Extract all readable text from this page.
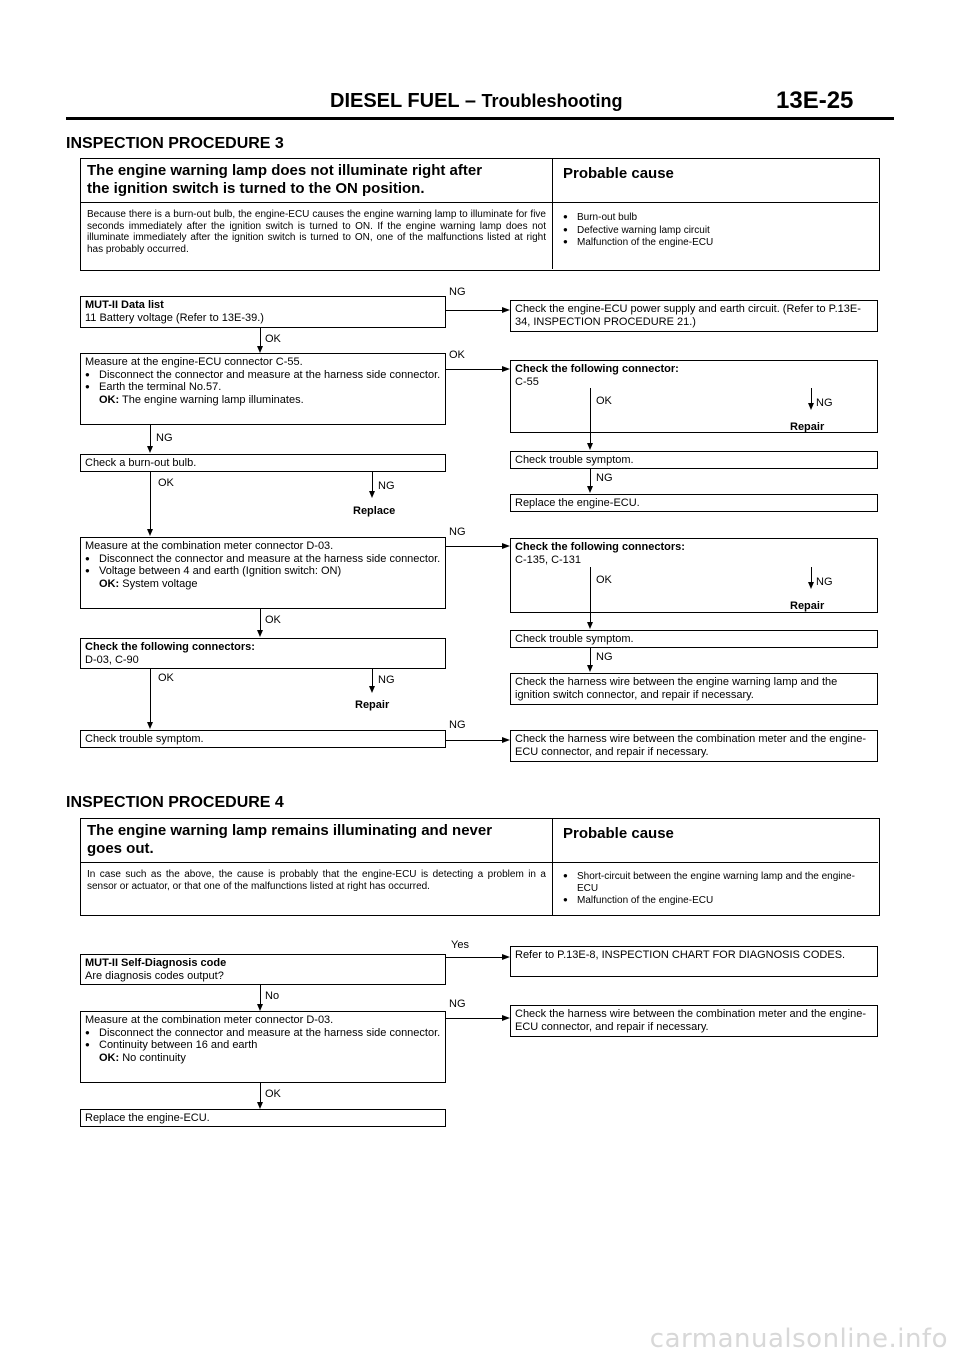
DIESEL FUEL – Troubleshooting	13E-25
INSPECTION PROCEDURE 3
The engine warning lamp does not illuminate right after
the ignition switch is turned to the ON position.
Probable cause
Because there is a burn-out bulb, the engine-ECU causes the engine warning lamp to illuminate for five seconds immediately after the ignition switch is turned to ON. If the engine warning lamp does not illuminate immediately after the ignition switch is turned to ON, one of the malfunctions listed at right has probably occurred.
● Burn-out bulb
● Defective warning lamp circuit
● Malfunction of the engine-ECU
MUT-II Data list
11 Battery voltage (Refer to 13E-39.)
NG
Check the engine-ECU power supply and earth circuit. (Refer to P.13E-34, INSPECTION PROCEDURE 21.)
OK
Measure at the engine-ECU connector C-55.
● Disconnect the connector and measure at the harness side connector.
● Earth the terminal No.57.
OK: The engine warning lamp illuminates.
OK
Check the following connector:
C-55
OK	NG
Repair
Check trouble symptom.
NG
Replace the engine-ECU.
NG
Check a burn-out bulb.
OK	NG
Replace
Measure at the combination meter connector D-03.
● Disconnect the connector and measure at the harness side connector.
● Voltage between 4 and earth (Ignition switch: ON)
OK: System voltage
NG
Check the following connectors:
C-135, C-131
OK	NG
Repair
Check trouble symptom.
NG
Check the harness wire between the engine warning lamp and the ignition switch connector, and repair if necessary.
OK
Check the following connectors:
D-03, C-90
OK	NG
Repair
Check trouble symptom.
NG
Check the harness wire between the combination meter and the engine-ECU connector, and repair if necessary.
INSPECTION PROCEDURE 4
The engine warning lamp remains illuminating and never
goes out.
Probable cause
In case such as the above, the cause is probably that the engine-ECU is detecting a problem in a sensor or actuator, or that one of the malfunctions listed at right has occurred.
● Short-circuit between the engine warning lamp and the engine-ECU
● Malfunction of the engine-ECU
MUT-II Self-Diagnosis code
Are diagnosis codes output?
Yes
Refer to P.13E-8, INSPECTION CHART FOR DIAGNOSIS CODES.
No
Measure at the combination meter connector D-03.
● Disconnect the connector and measure at the harness side connector.
● Continuity between 16 and earth
OK: No continuity
NG
Check the harness wire between the combination meter and the engine-ECU connector, and repair if necessary.
OK
Replace the engine-ECU.
carmanualsonline.info
